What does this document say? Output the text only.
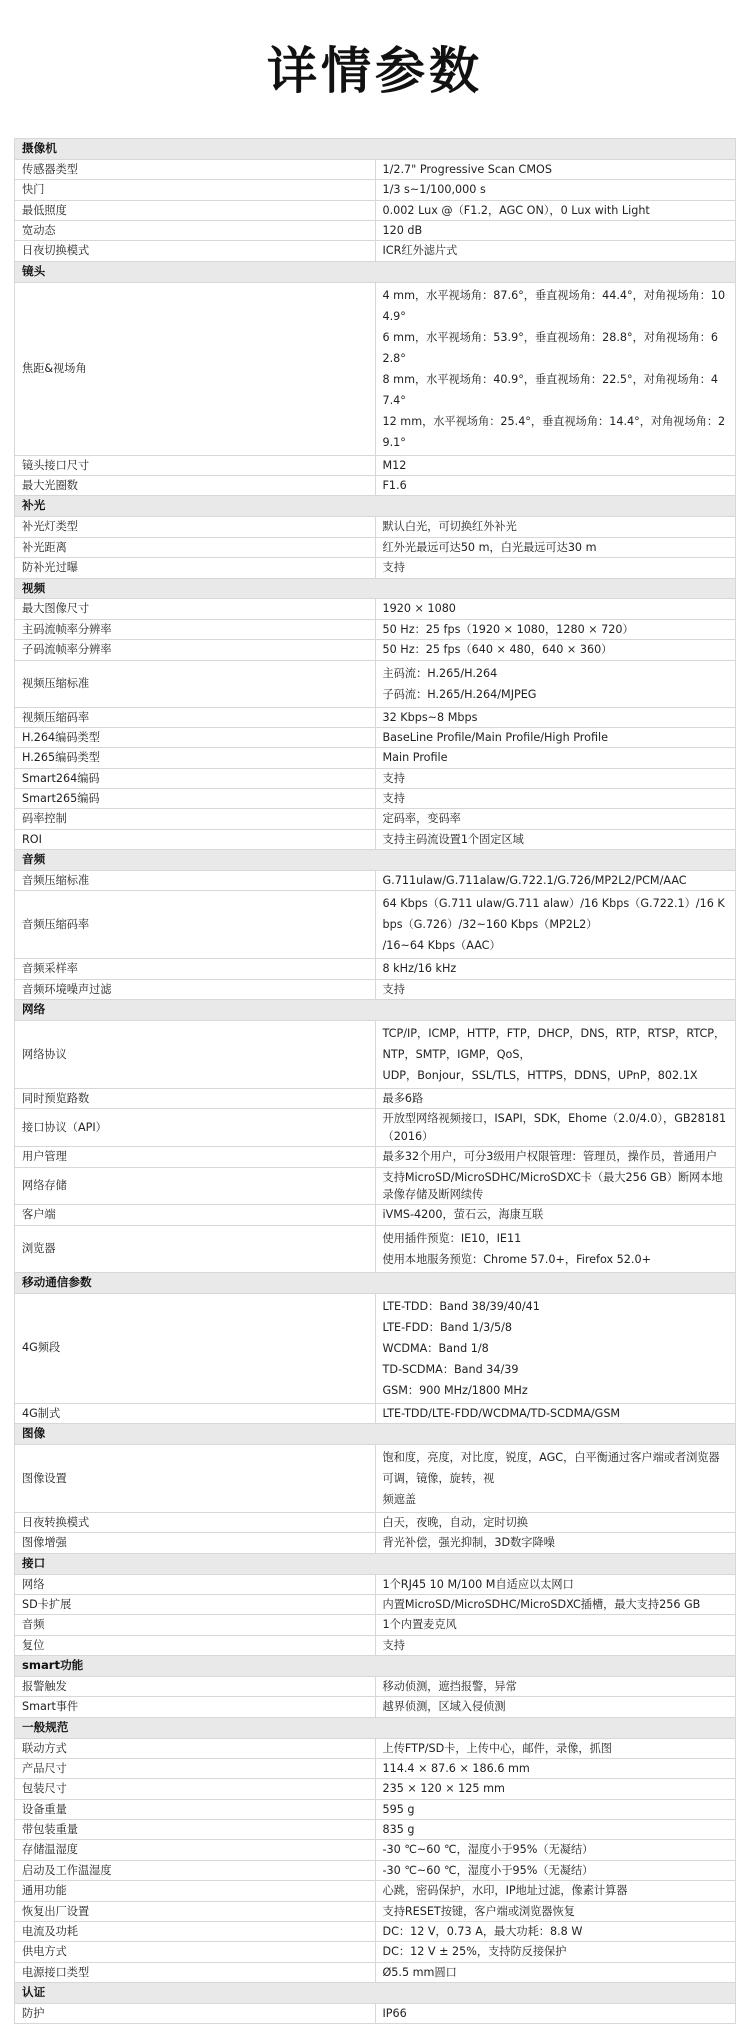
详情参数
摄像机	
传感器类型	1/2.7" Progressive Scan CMOS

快门	1/3 s~1/100,000 s

最低照度	0.002 Lux @（F1.2，AGC ON），0 Lux with Light

宽动态	120 dB

日夜切换模式	ICR红外滤片式

镜头	
焦距&视场角	4 mm，水平视场角：87.6°，垂直视场角：44.4°，对角视场角：104.9°
6 mm，水平视场角：53.9°，垂直视场角：28.8°，对角视场角：62.8°
8 mm，水平视场角：40.9°，垂直视场角：22.5°，对角视场角：47.4°
12 mm，水平视场角：25.4°，垂直视场角：14.4°，对角视场角：29.1°

镜头接口尺寸	M12

最大光圈数	F1.6

补光	
补光灯类型	默认白光，可切换红外补光

补光距离	红外光最远可达50 m，白光最远可达30 m

防补光过曝	支持

视频	
最大图像尺寸	1920 × 1080

主码流帧率分辨率	50 Hz：25 fps（1920 × 1080，1280 × 720）

子码流帧率分辨率	50 Hz：25 fps（640 × 480，640 × 360）

视频压缩标准	主码流：H.265/H.264
子码流：H.265/H.264/MJPEG

视频压缩码率	32 Kbps~8 Mbps

H.264编码类型	BaseLine Profile/Main Profile/High Profile

H.265编码类型	Main Profile

Smart264编码	支持

Smart265编码	支持

码率控制	定码率，变码率

ROI	支持主码流设置1个固定区域

音频	
音频压缩标准	G.711ulaw/G.711alaw/G.722.1/G.726/MP2L2/PCM/AAC

音频压缩码率	64 Kbps（G.711 ulaw/G.711 alaw）/16 Kbps（G.722.1）/16 Kbps（G.726）/32~160 Kbps（MP2L2）
/16~64 Kbps（AAC）

音频采样率	8 kHz/16 kHz

音频环境噪声过滤	支持

网络	
网络协议	TCP/IP，ICMP，HTTP，FTP，DHCP，DNS，RTP，RTSP，RTCP，NTP，SMTP，IGMP，QoS，
UDP，Bonjour，SSL/TLS，HTTPS，DDNS，UPnP，802.1X

同时预览路数	最多6路

接口协议（API）	开放型网络视频接口，ISAPI，SDK，Ehome（2.0/4.0），GB28181（2016）

用户管理	最多32个用户，可分3级用户权限管理：管理员，操作员，普通用户

网络存储	支持MicroSD/MicroSDHC/MicroSDXC卡（最大256 GB）断网本地录像存储及断网续传

客户端	iVMS-4200，萤石云，海康互联

浏览器	使用插件预览：IE10，IE11
使用本地服务预览：Chrome 57.0+，Firefox 52.0+

移动通信参数	
4G频段	LTE-TDD：Band 38/39/40/41
LTE-FDD：Band 1/3/5/8
WCDMA：Band 1/8
TD-SCDMA：Band 34/39
GSM：900 MHz/1800 MHz

4G制式	LTE-TDD/LTE-FDD/WCDMA/TD-SCDMA/GSM

图像	
图像设置	饱和度，亮度，对比度，锐度，AGC，白平衡通过客户端或者浏览器可调，镜像，旋转，视
频遮盖

日夜转换模式	白天，夜晚，自动，定时切换

图像增强	背光补偿，强光抑制，3D数字降噪

接口	
网络	1个RJ45 10 M/100 M自适应以太网口

SD卡扩展	内置MicroSD/MicroSDHC/MicroSDXC插槽，最大支持256 GB

音频	1个内置麦克风

复位	支持

smart功能	
报警触发	移动侦测，遮挡报警，异常

Smart事件	越界侦测，区域入侵侦测

一般规范	
联动方式	上传FTP/SD卡，上传中心，邮件，录像，抓图

产品尺寸	114.4 × 87.6 × 186.6 mm

包装尺寸	235 × 120 × 125 mm

设备重量	595 g

带包装重量	835 g

存储温湿度	-30 ℃~60 ℃，湿度小于95%（无凝结）

启动及工作温湿度	-30 ℃~60 ℃，湿度小于95%（无凝结）

通用功能	心跳，密码保护，水印，IP地址过滤，像素计算器

恢复出厂设置	支持RESET按键，客户端或浏览器恢复

电流及功耗	DC：12 V，0.73 A，最大功耗：8.8 W

供电方式	DC：12 V ± 25%，支持防反接保护

电源接口类型	Ø5.5 mm圆口

认证	
防护	IP66
